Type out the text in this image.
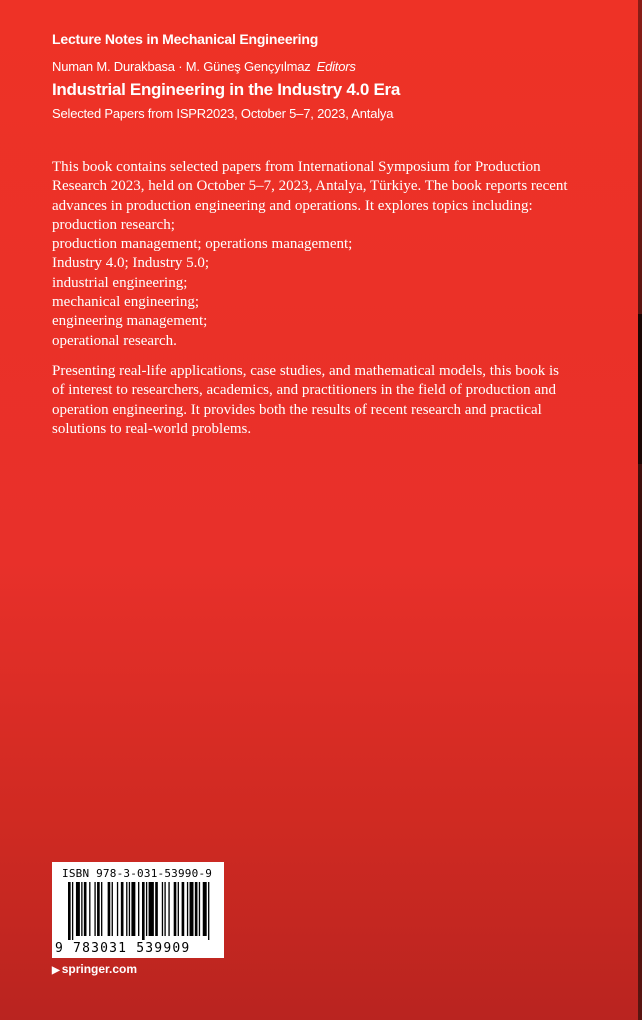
Lecture Notes in Mechanical Engineering
Numan M. Durakbasa · M. Güneş Gençyılmaz Editors
Industrial Engineering in the Industry 4.0 Era
Selected Papers from ISPR2023, October 5–7, 2023, Antalya

This book contains selected papers from International Symposium for Production
Research 2023, held on October 5–7, 2023, Antalya, Türkiye. The book reports recent
advances in production engineering and operations. It explores topics including:
production research;
production management; operations management;
Industry 4.0; Industry 5.0;
industrial engineering;
mechanical engineering;
engineering management;
operational research.

Presenting real-life applications, case studies, and mathematical models, this book is
of interest to researchers, academics, and practitioners in the field of production and
operation engineering. It provides both the results of recent research and practical
solutions to real-world problems.

ISBN 978-3-031-53990-9
9 783031 539909
▶ springer.com
